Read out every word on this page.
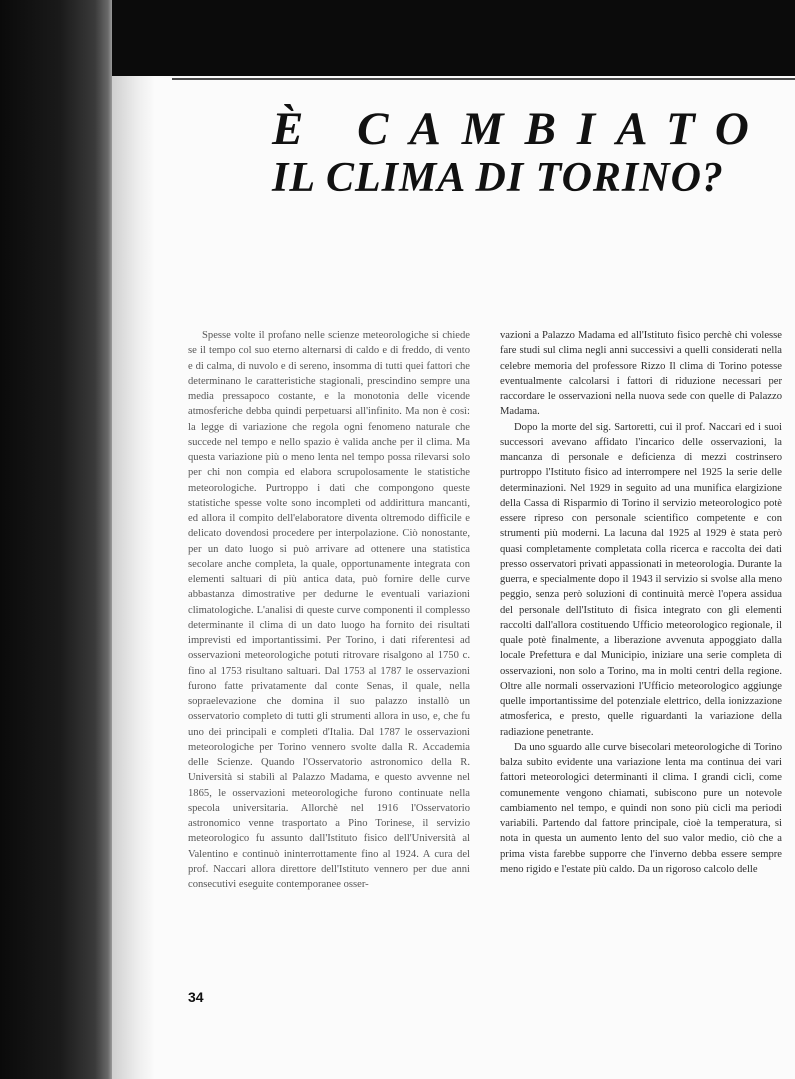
È CAMBIATO
IL CLIMA DI TORINO?

Spesse volte il profano nelle scienze meteorologiche si chiede se il tempo col suo eterno alternarsi di caldo e di freddo, di vento e di calma, di nuvolo e di sereno, insomma di tutti quei fattori che determinano le caratteristiche stagionali, prescindino sempre una media pressapoco costante, e la monotonia delle vicende atmosferiche debba quindi perpetuarsi all'infinito. Ma non è così: la legge di variazione che regola ogni fenomeno naturale che succede nel tempo e nello spazio è valida anche per il clima. Ma questa variazione più o meno lenta nel tempo possa rilevarsi solo per chi non compìa ed elabora scrupolosamente le statistiche meteorologiche. Purtroppo i dati che compongono queste statistiche spesse volte sono incompleti od addirittura mancanti, ed allora il compito dell'elaboratore diventa oltremodo difficile e delicato dovendosi procedere per interpolazione. Ciò nonostante, per un dato luogo si può arrivare ad ottenere una statistica secolare anche completa, la quale, opportunamente integrata con elementi saltuari di più antica data, può fornire delle curve abbastanza dimostrative per dedurne le eventuali variazioni climatologiche. L'analisi di queste curve componenti il complesso determinante il clima di un dato luogo ha fornito dei risultati imprevisti ed importantissimi. Per Torino, i dati riferentesi ad osservazioni meteorologiche potuti ritrovare risalgono al 1750 c. fino al 1753 risultano saltuari. Dal 1753 al 1787 le osservazioni furono fatte privatamente dal conte Senas, il quale, nella sopraelevazione che domina il suo palazzo installò un osservatorio completo di tutti gli strumenti allora in uso, e, che fu uno dei principali e completi d'Italia. Dal 1787 le osservazioni meteorologiche per Torino vennero svolte dalla R. Accademia delle Scienze. Quando l'Osservatorio astronomico della R. Università si stabilì al Palazzo Madama, e questo avvenne nel 1865, le osservazioni meteorologiche furono continuate nella specola universitaria. Allorchè nel 1916 l'Osservatorio astronomico venne trasportato a Pino Torinese, il servizio meteorologico fu assunto dall'Istituto fisico dell'Università al Valentino e continuò ininterrottamente fino al 1924. A cura del prof. Naccari allora direttore dell'Istituto vennero per due anni consecutivi eseguite contemporanee osser-

vazioni a Palazzo Madama ed all'Istituto fisico perchè chi volesse fare studi sul clima negli anni successivi a quelli considerati nella celebre memoria del professore Rizzo Il clima di Torino potesse eventualmente calcolarsi i fattori di riduzione necessari per raccordare le osservazioni nella nuova sede con quelle di Palazzo Madama.

Dopo la morte del sig. Sartoretti, cui il prof. Naccari ed i suoi successori avevano affidato l'incarico delle osservazioni, la mancanza di personale e deficienza di mezzi costrinsero purtroppo l'Istituto fisico ad interrompere nel 1925 la serie delle determinazioni. Nel 1929 in seguito ad una munifica elargizione della Cassa di Risparmio di Torino il servizio meteorologico potè essere ripreso con personale scientifico competente e con strumenti più moderni. La lacuna dal 1925 al 1929 è stata però quasi completamente completata colla ricerca e raccolta dei dati presso osservatori privati appassionati in meteorologia. Durante la guerra, e specialmente dopo il 1943 il servizio si svolse alla meno peggio, senza però soluzioni di continuità mercè l'opera assidua del personale dell'Istituto di fisica integrato con gli elementi raccolti dall'allora costituendo Ufficio meteorologico regionale, il quale potè finalmente, a liberazione avvenuta appoggiato dalla locale Prefettura e dal Municipio, iniziare una serie completa di osservazioni, non solo a Torino, ma in molti centri della regione. Oltre alle normali osservazioni l'Ufficio meteorologico aggiunge quelle importantissime del potenziale elettrico, della ionizzazione atmosferica, e presto, quelle riguardanti la variazione della radiazione penetrante.

Da uno sguardo alle curve bisecolari meteorologiche di Torino balza subito evidente una variazione lenta ma continua dei vari fattori meteorologici determinanti il clima. I grandi cicli, come comunemente vengono chiamati, subiscono pure un notevole cambiamento nel tempo, e quindi non sono più cicli ma periodi variabili. Partendo dal fattore principale, cioè la temperatura, si nota in questa un aumento lento del suo valor medio, ciò che a prima vista farebbe supporre che l'inverno debba essere sempre meno rigido e l'estate più caldo. Da un rigoroso calcolo delle

34
